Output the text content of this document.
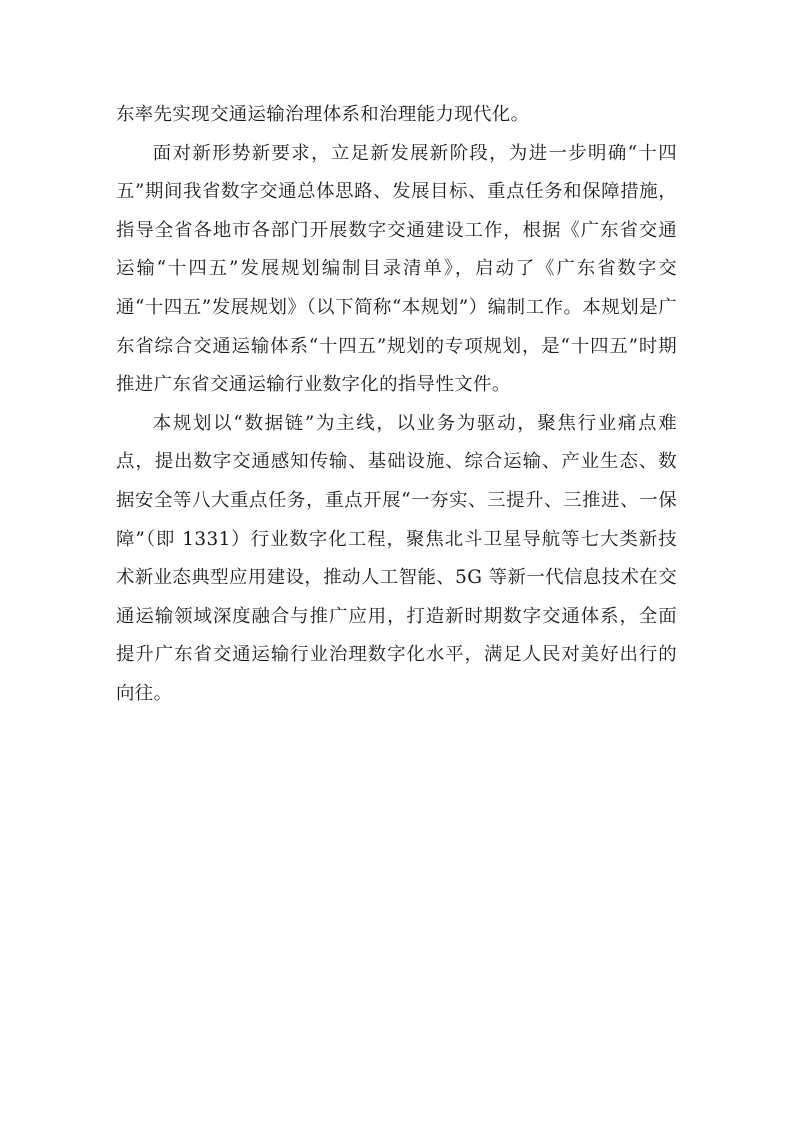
东率先实现交通运输治理体系和治理能力现代化。

面对新形势新要求，立足新发展新阶段，为进一步明确“十四五”期间我省数字交通总体思路、发展目标、重点任务和保障措施，指导全省各地市各部门开展数字交通建设工作，根据《广东省交通运输“十四五”发展规划编制目录清单》，启动了《广东省数字交通“十四五”发展规划》（以下简称“本规划”）编制工作。本规划是广东省综合交通运输体系“十四五”规划的专项规划，是“十四五”时期推进广东省交通运输行业数字化的指导性文件。

本规划以“数据链”为主线，以业务为驱动，聚焦行业痛点难点，提出数字交通感知传输、基础设施、综合运输、产业生态、数据安全等八大重点任务，重点开展“一夯实、三提升、三推进、一保障”（即 1331）行业数字化工程，聚焦北斗卫星导航等七大类新技术新业态典型应用建设，推动人工智能、5G 等新一代信息技术在交通运输领域深度融合与推广应用，打造新时期数字交通体系，全面提升广东省交通运输行业治理数字化水平，满足人民对美好出行的向往。
